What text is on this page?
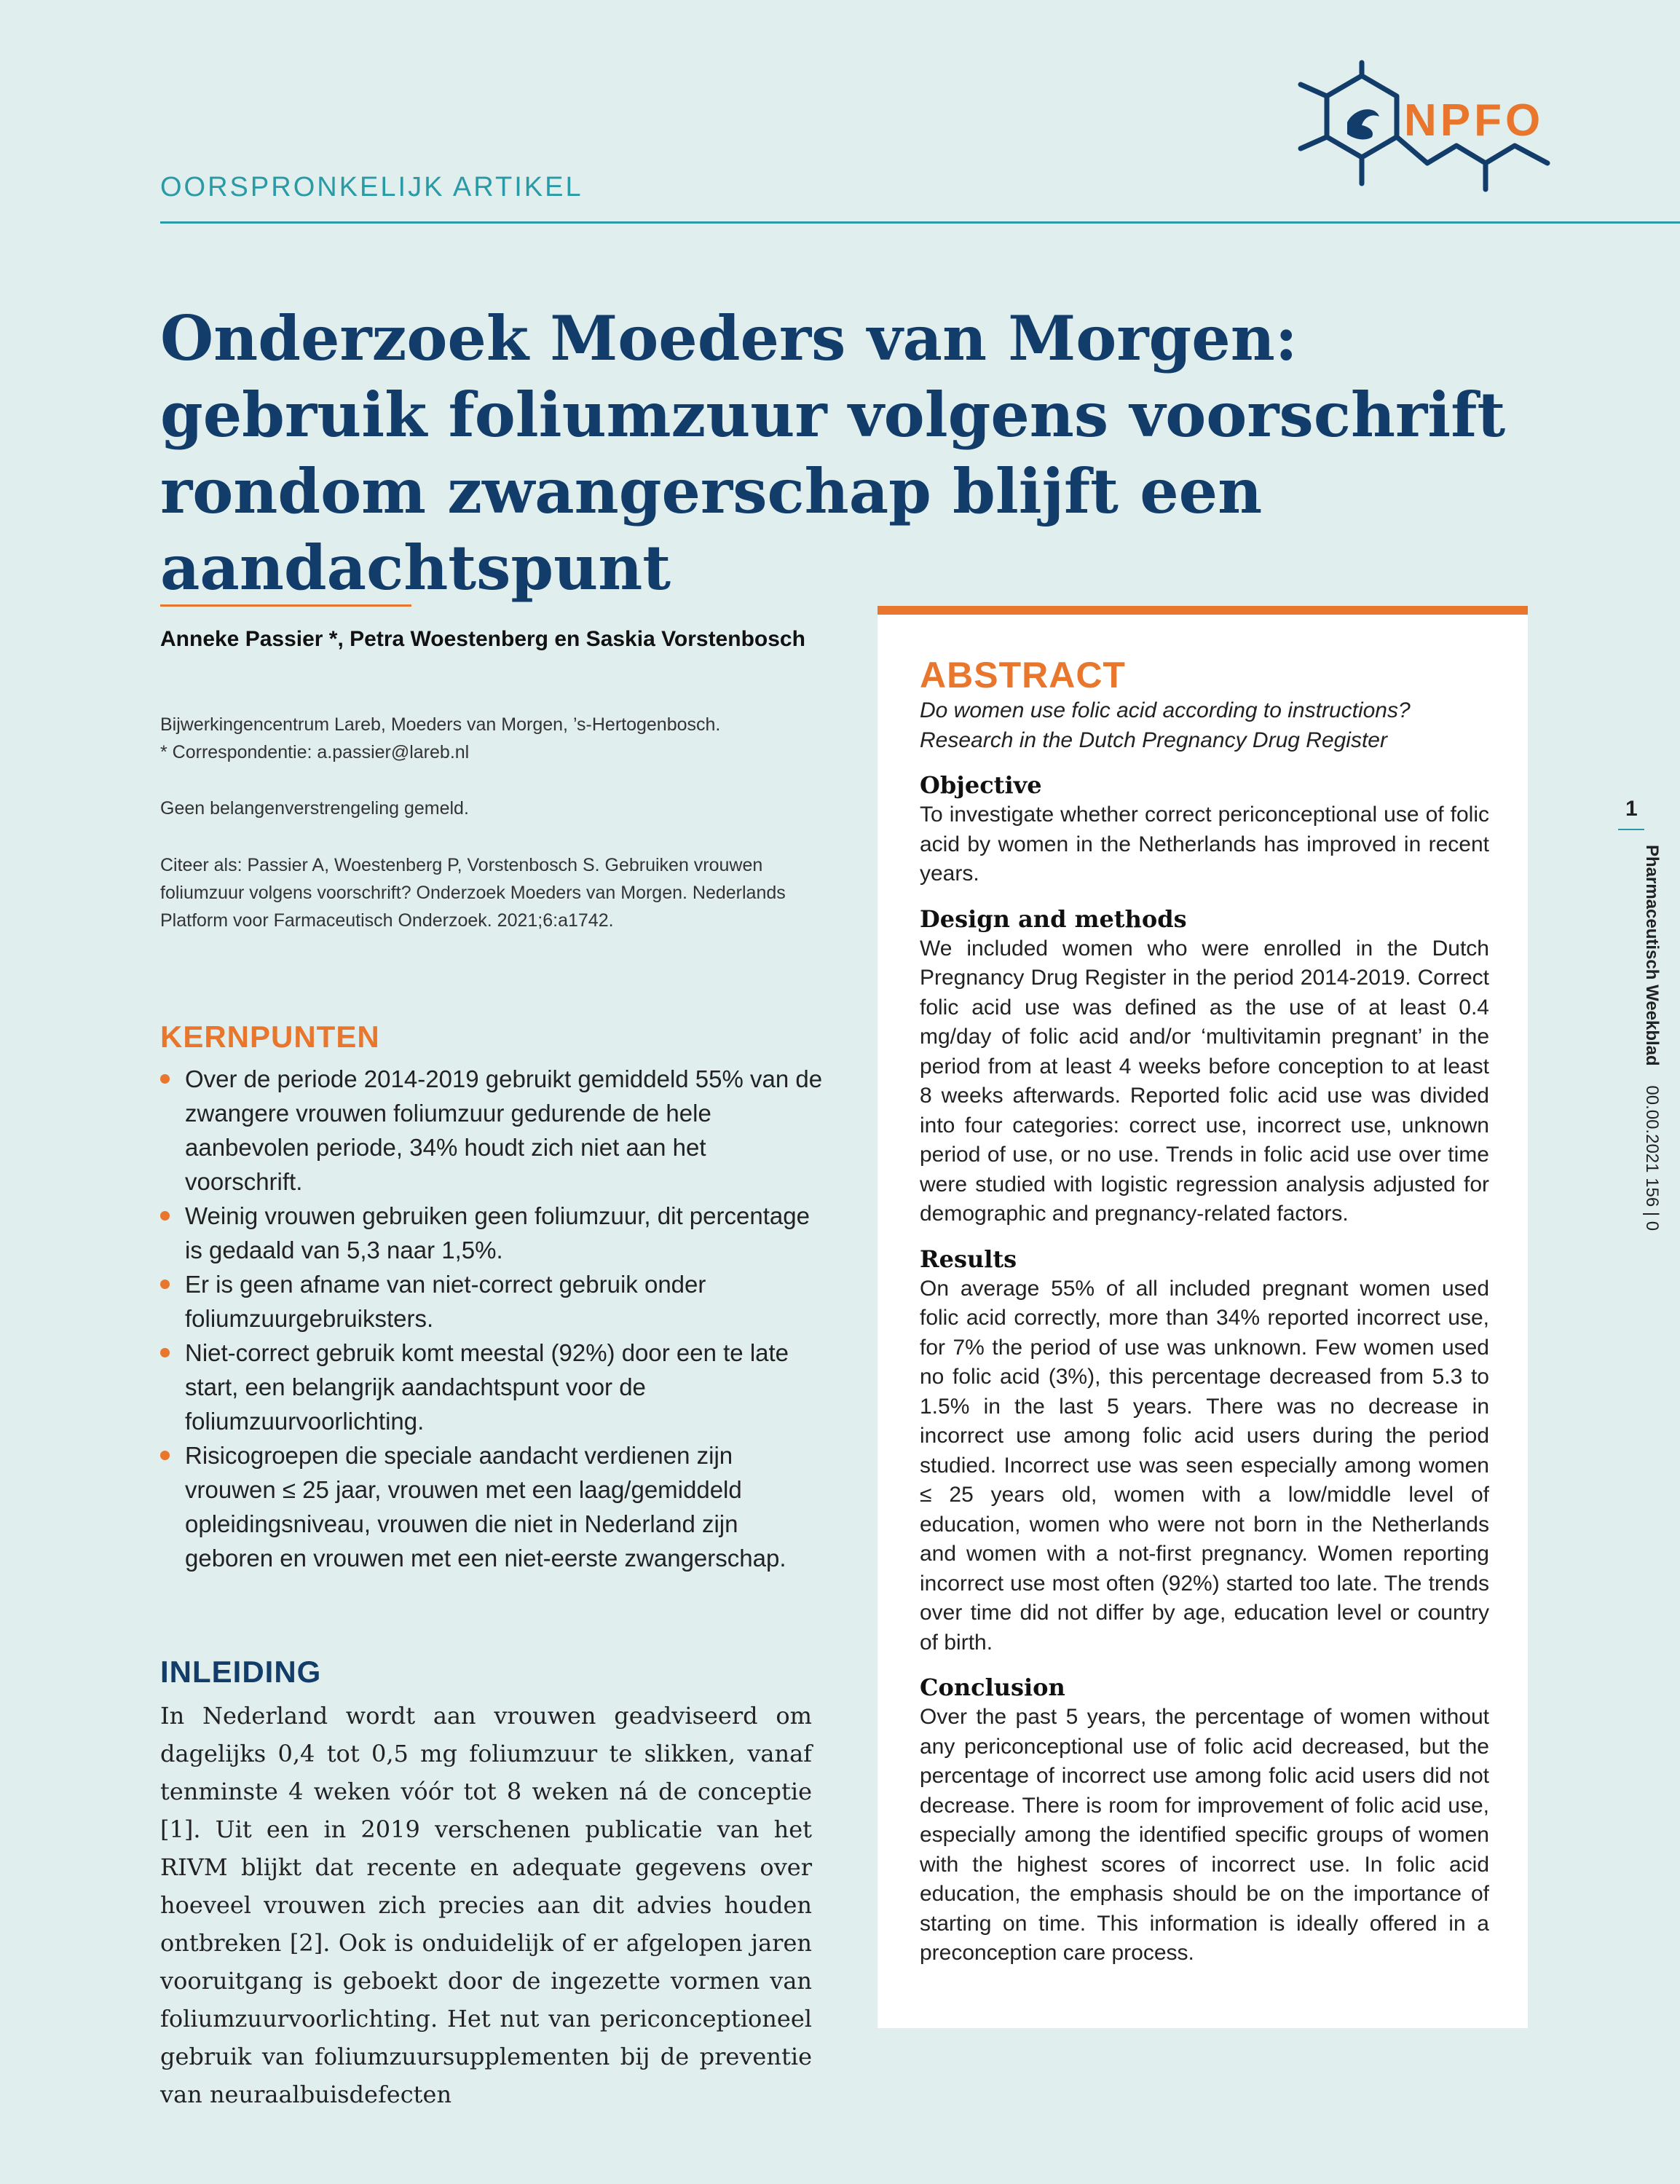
OORSPRONKELIJK ARTIKEL
NPFO
Onderzoek Moeders van Morgen: gebruik foliumzuur volgens voorschrift rondom zwangerschap blijft een aandachtspunt
Anneke Passier *, Petra Woestenberg en Saskia Vorstenbosch

Bijwerkingencentrum Lareb, Moeders van Morgen, ’s-Hertogenbosch.

* Correspondentie: a.passier@lareb.nl

Geen belangenverstrengeling gemeld.
Citeer als: Passier A, Woestenberg P, Vorstenbosch S. Gebruiken vrouwen foliumzuur volgens voorschrift? Onderzoek Moeders van Morgen. Nederlands Platform voor Farmaceutisch Onderzoek. 2021;6:a1742.
KERNPUNTEN
Over de periode 2014-2019 gebruikt gemiddeld 55% van de zwangere vrouwen foliumzuur gedurende de hele aanbevolen periode, 34% houdt zich niet aan het voorschrift.
Weinig vrouwen gebruiken geen foliumzuur, dit percentage is gedaald van 5,3 naar 1,5%.
Er is geen afname van niet-correct gebruik onder foliumzuurgebruiksters.
Niet-correct gebruik komt meestal (92%) door een te late start, een belangrijk aandachtspunt voor de foliumzuurvoorlichting.
Risicogroepen die speciale aandacht verdienen zijn vrouwen ≤ 25 jaar, vrouwen met een laag/gemiddeld opleidingsniveau, vrouwen die niet in Nederland zijn geboren en vrouwen met een niet-eerste zwangerschap.
INLEIDING

In Nederland wordt aan vrouwen geadviseerd om dagelijks 0,4 tot 0,5 mg foliumzuur te slikken, vanaf tenminste 4 weken vóór tot 8 weken ná de conceptie [1]. Uit een in 2019 verschenen publicatie van het RIVM blijkt dat recente en adequate gegevens over hoeveel vrouwen zich precies aan dit advies houden ontbreken [2]. Ook is onduidelijk of er afgelopen jaren vooruitgang is geboekt door de ingezette vormen van foliumzuurvoorlichting. Het nut van periconceptioneel gebruik van foliumzuursupplementen bij de preventie van neuraalbuisdefecten

ABSTRACT

Do women use folic acid according to instructions? Research in the Dutch Pregnancy Drug Register

Objective

To investigate whether correct periconceptional use of folic acid by women in the Netherlands has improved in recent years.

Design and methods

We included women who were enrolled in the Dutch Pregnancy Drug Register in the period 2014-2019. Correct folic acid use was defined as the use of at least 0.4 mg/day of folic acid and/or ‘multivitamin pregnant’ in the period from at least 4 weeks before conception to at least 8 weeks afterwards. Reported folic acid use was divided into four categories: correct use, incorrect use, unknown period of use, or no use. Trends in folic acid use over time were studied with logistic regression analysis adjusted for demographic and pregnancy-related factors.

Results

On average 55% of all included pregnant women used folic acid correctly, more than 34% reported incorrect use, for 7% the period of use was unknown. Few women used no folic acid (3%), this percentage decreased from 5.3 to 1.5% in the last 5 years. There was no decrease in incorrect use among folic acid users during the period studied. Incorrect use was seen especially among women ≤ 25 years old, women with a low/middle level of education, women who were not born in the Netherlands and women with a not-first pregnancy. Women reporting incorrect use most often (92%) started too late. The trends over time did not differ by age, education level or country of birth.

Conclusion

Over the past 5 years, the percentage of women without any periconceptional use of folic acid decreased, but the percentage of incorrect use among folic acid users did not decrease. There is room for improvement of folic acid use, especially among the identified specific groups of women with the highest scores of incorrect use. In folic acid education, the emphasis should be on the importance of starting on time. This information is ideally offered in a preconception care process.

1
Pharmaceutisch Weekblad    00.00.2021 156 | 0
